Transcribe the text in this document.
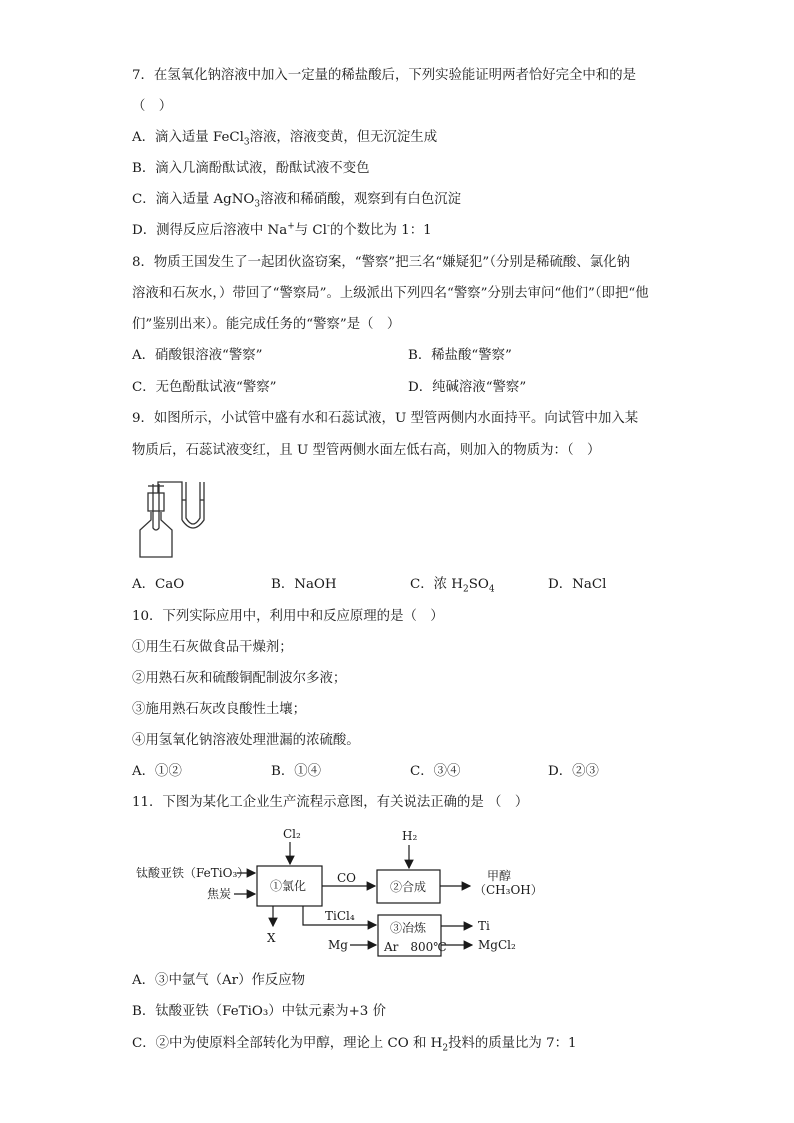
7．在氢氧化钠溶液中加入一定量的稀盐酸后，下列实验能证明两者恰好完全中和的是
（　）
A．滴入适量 FeCl$_3$溶液，溶液变黄，但无沉淀生成
B．滴入几滴酚酞试液，酚酞试液不变色
C．滴入适量 AgNO$_3$溶液和稀硝酸，观察到有白色沉淀
D．测得反应后溶液中 Na+与 Cl-的个数比为 1：1
8．物质王国发生了一起团伙盗窃案，“警察”把三名“嫌疑犯”（分别是稀硫酸、氯化钠
溶液和石灰水，）带回了“警察局”。上级派出下列四名“警察”分别去审问“他们”（即把“他
们”鉴别出来）。能完成任务的“警察”是（　）
A．硝酸银溶液“警察”	B．稀盐酸“警察”
C．无色酚酞试液“警察”	D．纯碱溶液“警察”
9．如图所示，小试管中盛有水和石蕊试液，U 型管两侧内水面持平。向试管中加入某
物质后，石蕊试液变红，且 U 型管两侧水面左低右高，则加入的物质为：（　）
A．CaO	B．NaOH	C．浓 $H_2SO_4$	D．NaCl
10．下列实际应用中，利用中和反应原理的是（　）
①用生石灰做食品干燥剂；
②用熟石灰和硫酸铜配制波尔多液；
③施用熟石灰改良酸性土壤；
④用氢氧化钠溶液处理泄漏的浓硫酸。
A．①②	B．①④	C．③④	D．②③
11．下图为某化工企业生产流程示意图，有关说法正确的是 （　）
Cl₂	H₂
钛酸亚铁（FeTiO₃）
焦炭
①氯化
CO
②合成
甲醇
（CH₃OH）
X
TiCl₄
Mg
③冶炼
Ar　800℃
Ti
MgCl₂
A．③中氩气（Ar）作反应物
B．钛酸亚铁（FeTiO₃）中钛元素为+3 价
C．②中为使原料全部转化为甲醇，理论上 CO 和 $H_2$投料的质量比为 7：1
